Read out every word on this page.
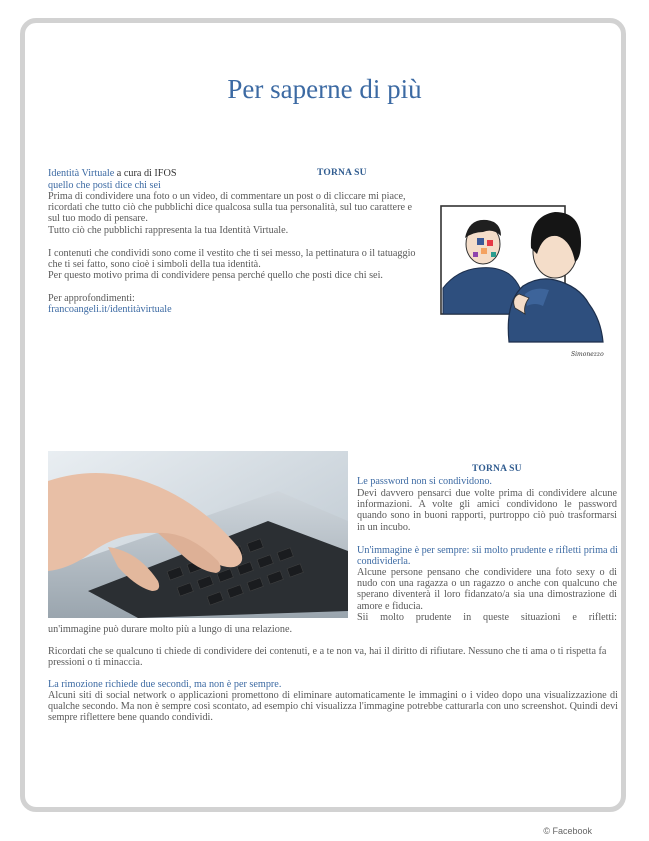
Per saperne di più
Identità Virtuale a cura di IFOS	TORNA SU

quello che posti dice chi sei

Prima di condividere una foto o un video, di commentare un post o di cliccare mi piace, ricordati che tutto ciò che pubblichi dice qualcosa sulla tua personalità, sul tuo carattere e sul tuo modo di pensare.

Tutto ciò che pubblichi rappresenta la tua Identità Virtuale.

I contenuti che condividi sono come il vestito che ti sei messo, la pettinatura o il tatuaggio che ti sei fatto, sono cioè i simboli della tua identità.

Per questo motivo prima di condividere pensa perché quello che posti dice chi sei.

Per approfondimenti:

francoangeli.it/identitàvirtuale

Simonezzo
TORNA SU

Le password non si condividono.

Devi davvero pensarci due volte prima di condividere alcune informazioni. A volte gli amici condividono le password quando sono in buoni rapporti, purtroppo ciò può trasformarsi in un incubo.

Un'immagine è per sempre: sii molto prudente e rifletti prima di condividerla.

Alcune persone pensano che condividere una foto sexy o di nudo con una ragazza o un ragazzo o anche con qualcuno che sperano diventerà il loro fidanzato/a sia una dimostrazione di amore e fiducia.

Sii molto prudente in queste situazioni e rifletti:

un'immagine può durare molto più a lungo di una relazione.

Ricordati che se qualcuno ti chiede di condividere dei contenuti, e a te non va, hai il diritto di rifiutare. Nessuno che ti ama o ti rispetta fa pressioni o ti minaccia.

La rimozione richiede due secondi, ma non è per sempre.

Alcuni siti di social network o applicazioni promettono di eliminare automaticamente le immagini o i video dopo una visualizzazione di qualche secondo. Ma non è sempre così scontato, ad esempio chi visualizza l'immagine potrebbe catturarla con uno screenshot. Quindi devi sempre riflettere bene quando condividi.

© Facebook
